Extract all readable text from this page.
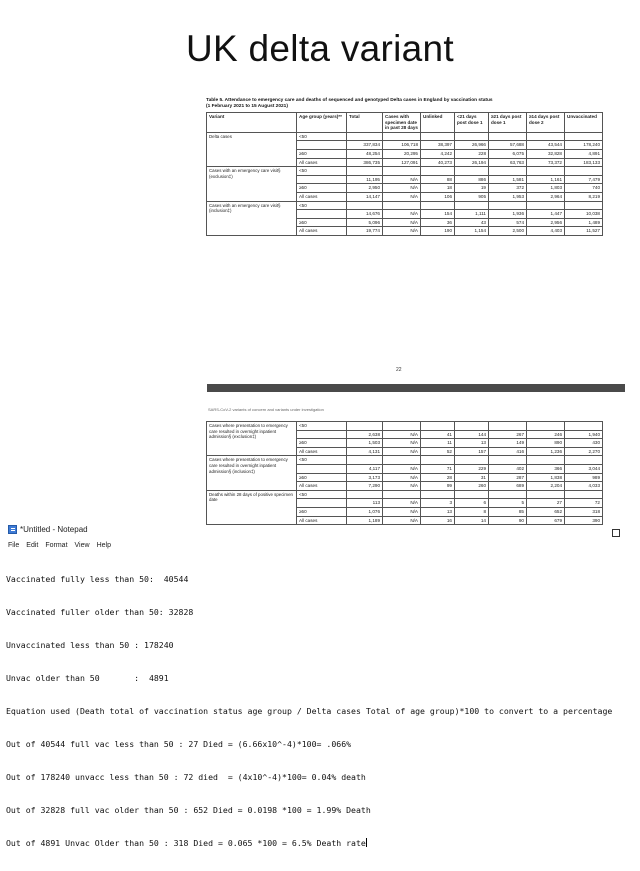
UK delta variant
Table 5. Attendance to emergency care and deaths of sequenced and genotyped Delta cases in England by vaccination status
(1 February 2021 to 15 August 2021)
Variant	Age group (years)**	Total	Cases with specimen date in past 28 days	Unlinked	<21 days post dose 1	≥21 days post dose 1	≥14 days post dose 2	Unvaccinated
Delta cases	<50							
		337,834	106,718	38,397	26,966	57,688	43,544	178,240
	≥50	48,254	20,295	4,242	228	6,075	32,828	4,891
	All cases	386,735	127,091	40,273	26,194	63,763	73,372	183,133
Cases with an emergency care visit§ (exclusion‡)	<50							
		11,195	N/A	88	886	1,581	1,161	7,479
	≥50	2,950	N/A	18	19	372	1,803	740
	All cases	14,147	N/A	106	905	1,953	2,964	8,219
Cases with an emergency care visit§ (inclusion‡)	<50							
		14,676	N/A	154	1,111	1,936	1,447	10,038
	≥50	5,096	N/A	36	43	574	2,956	1,489
	All cases	19,774	N/A	190	1,154	2,500	4,403	11,527
22
SARS-CoV-2 variants of concern and variants under investigation
Cases where presentation to emergency care resulted in overnight inpatient admission§ (exclusion‡)	<50							
		2,638	N/A	41	144	267	246	1,940
	≥50	1,503	N/A	11	13	149	890	430
	All cases	4,131	N/A	52	157	416	1,236	2,270
Cases where presentation to emergency care resulted in overnight inpatient admission§ (inclusion‡)	<50							
		4,117	N/A	71	229	402	366	3,044
	≥50	3,173	N/A	28	31	287	1,838	989
	All cases	7,290	N/A	99	260	689	2,204	4,033
Deaths within 28 days of positive specimen date	<50							
		113	N/A	3	6	5	27	72
	≥50	1,076	N/A	13	8	85	652	318
	All cases	1,189	N/A	16	14	90	679	390
*Untitled - Notepad
File Edit Format View Help

Vaccinated fully less than 50:  40544

Vaccinated fuller older than 50: 32828

Unvaccinated less than 50 : 178240

Unvac older than 50       :  4891

Equation used (Death total of vaccination status age group / Delta cases Total of age group)*100 to convert to a percentage

Out of 40544 full vac less than 50 : 27 Died = (6.66x10^-4)*100= .066%

Out of 178240 unvacc less than 50 : 72 died  = (4x10^-4)*100= 0.04% death

Out of 32828 full vac older than 50 : 652 Died = 0.0198 *100 = 1.99% Death

Out of 4891 Unvac Older than 50 : 318 Died = 0.065 *100 = 6.5% Death rate
